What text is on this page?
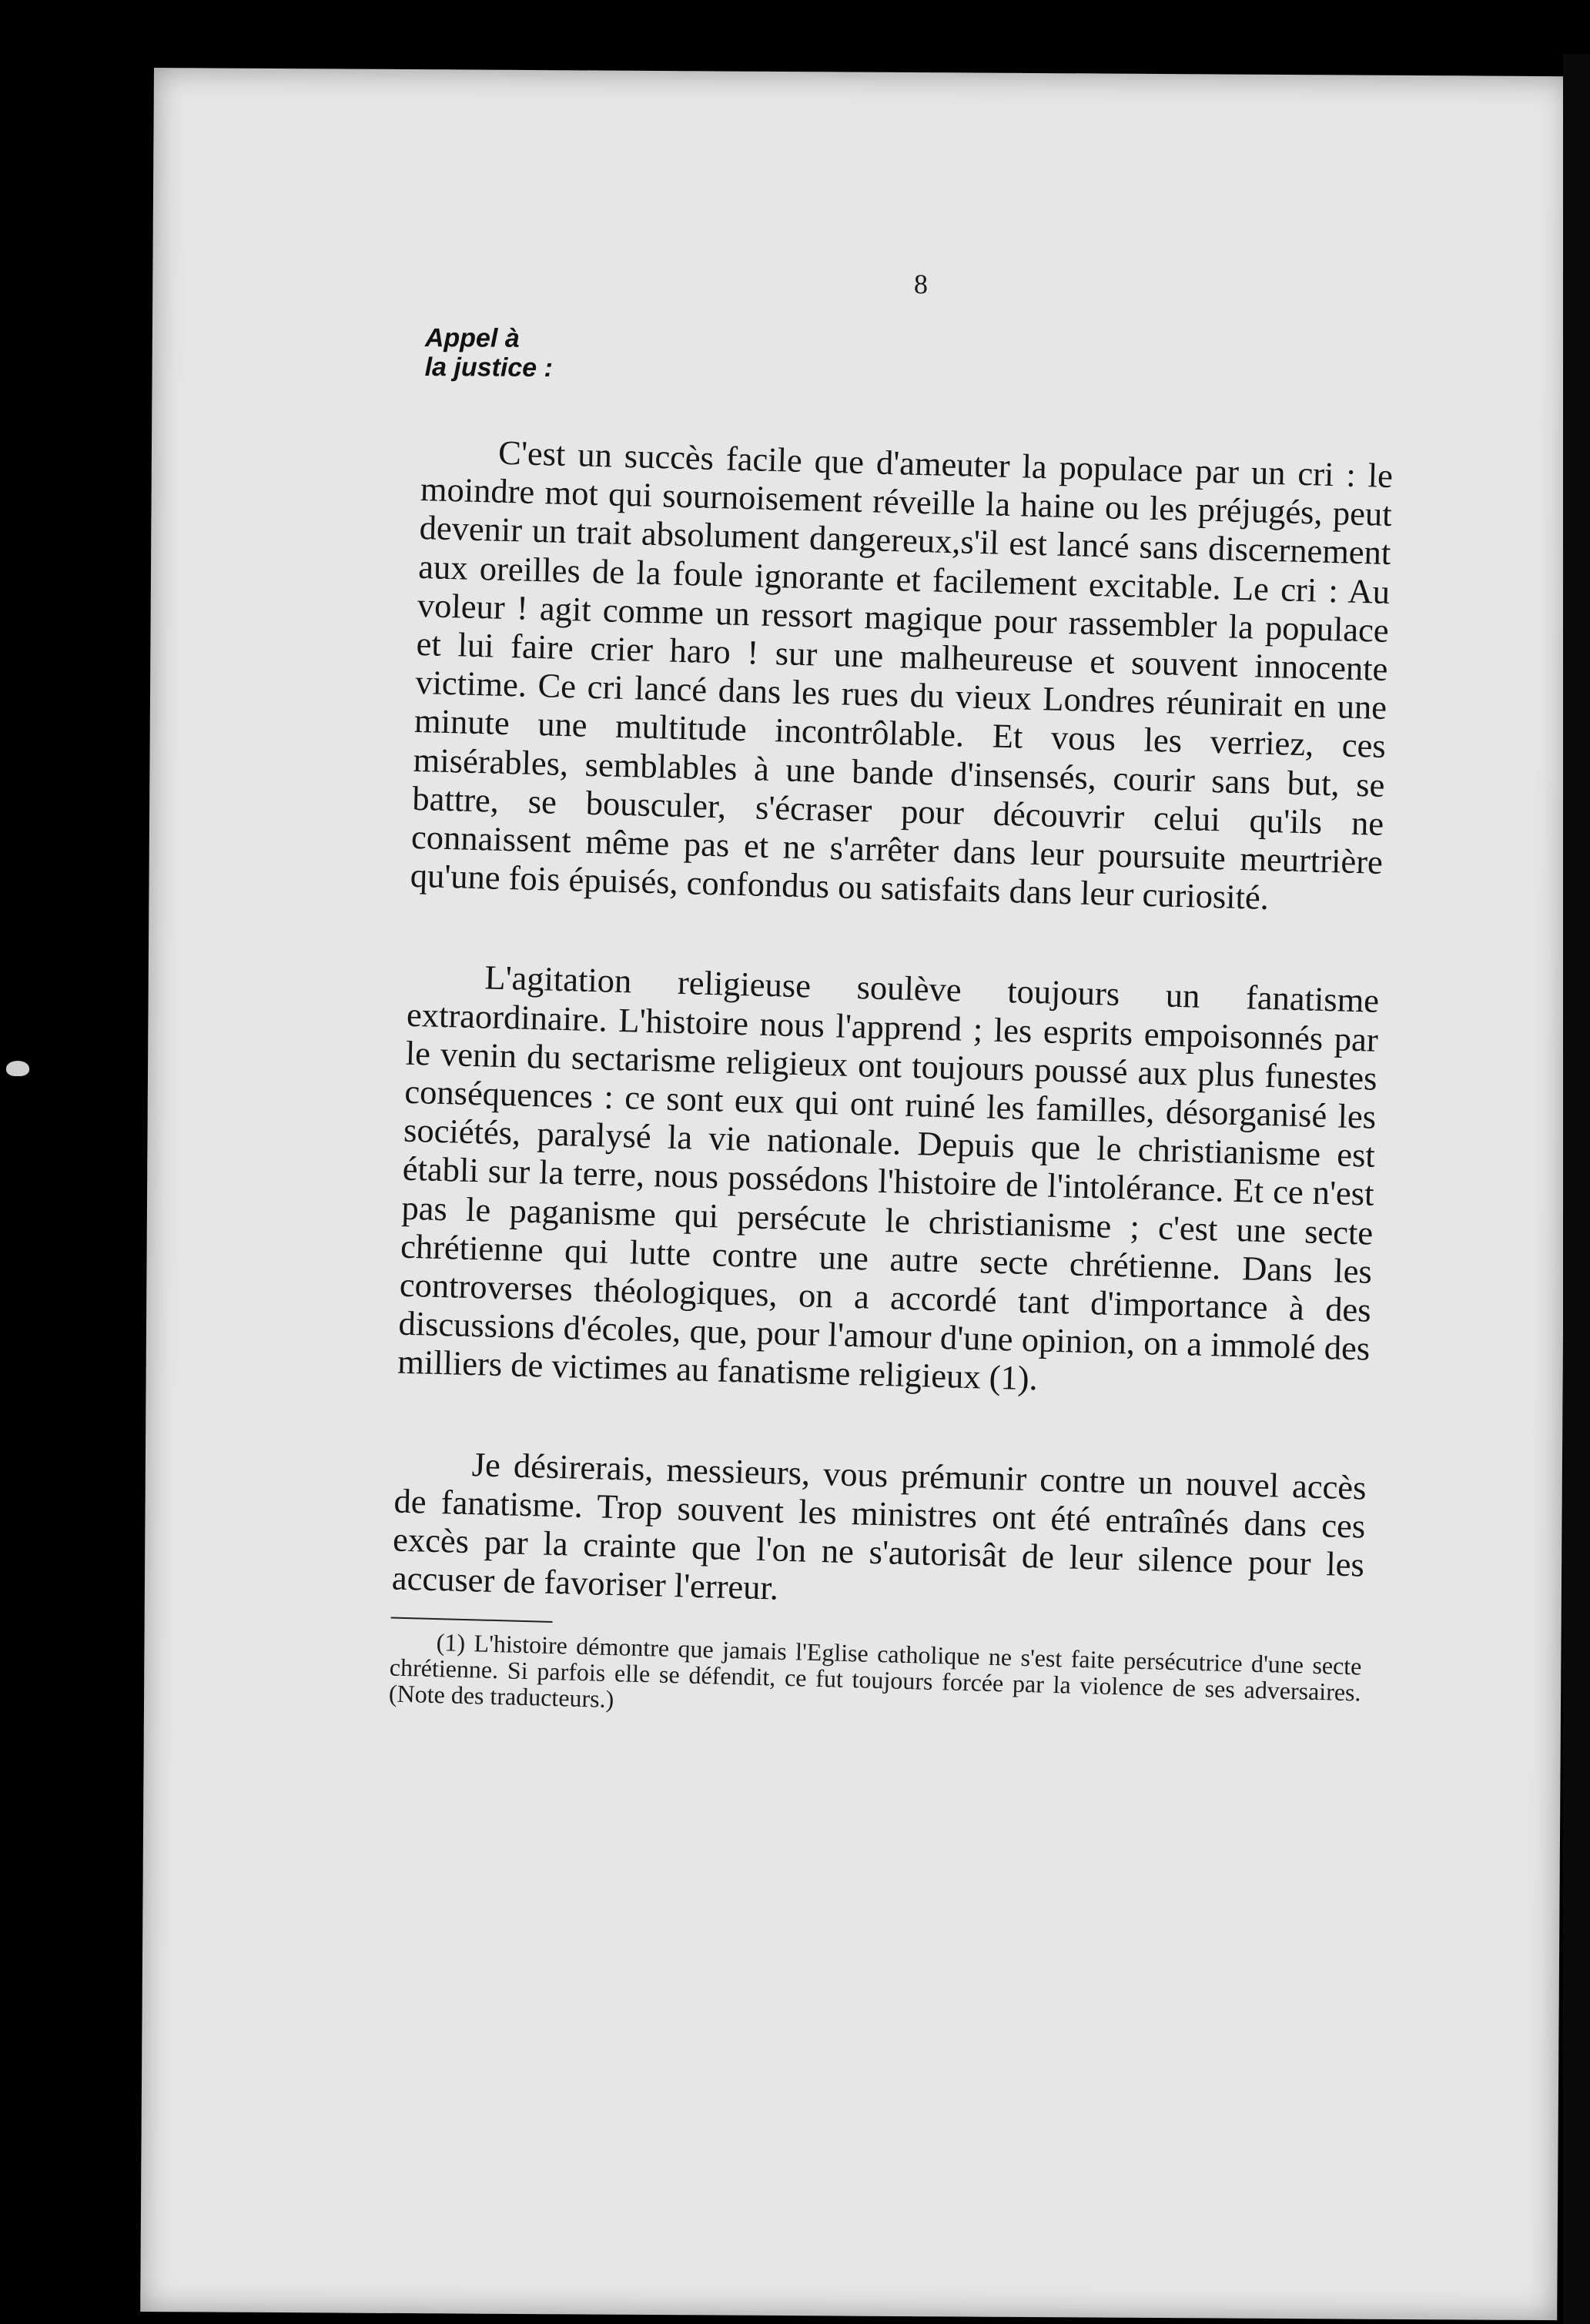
8
Appel à
la justice :

C'est un succès facile que d'ameuter la populace par un cri : le moindre mot qui sournoisement réveille la haine ou les préjugés, peut devenir un trait absolument dangereux,s'il est lancé sans discernement aux oreilles de la foule ignorante et facilement excitable. Le cri : Au voleur ! agit comme un ressort magique pour rassembler la populace et lui faire crier haro ! sur une malheureuse et souvent innocente victime. Ce cri lancé dans les rues du vieux Londres réunirait en une minute une multitude incontrôlable. Et vous les verriez, ces misérables, semblables à une bande d'insensés, courir sans but, se battre, se bousculer, s'écraser pour découvrir celui qu'ils ne connaissent même pas et ne s'arrêter dans leur poursuite meurtrière qu'une fois épuisés, confondus ou satisfaits dans leur curiosité.

L'agitation religieuse soulève toujours un fanatisme extraordinaire. L'histoire nous l'apprend ; les esprits empoisonnés par le venin du sectarisme religieux ont toujours poussé aux plus funestes conséquences : ce sont eux qui ont ruiné les familles, désorganisé les sociétés, paralysé la vie nationale. Depuis que le christianisme est établi sur la terre, nous possédons l'histoire de l'intolérance. Et ce n'est pas le paganisme qui persécute le christianisme ; c'est une secte chrétienne qui lutte contre une autre secte chrétienne. Dans les controverses théologiques, on a accordé tant d'importance à des discussions d'écoles, que, pour l'amour d'une opinion, on a immolé des milliers de victimes au fanatisme religieux (1).

Je désirerais, messieurs, vous prémunir contre un nouvel accès de fanatisme. Trop souvent les ministres ont été entraînés dans ces excès par la crainte que l'on ne s'autorisât de leur silence pour les accuser de favoriser l'erreur.

(1) L'histoire démontre que jamais l'Eglise catholique ne s'est faite persécutrice d'une secte chrétienne. Si parfois elle se défendit, ce fut toujours forcée par la violence de ses adversaires. (Note des traducteurs.)
